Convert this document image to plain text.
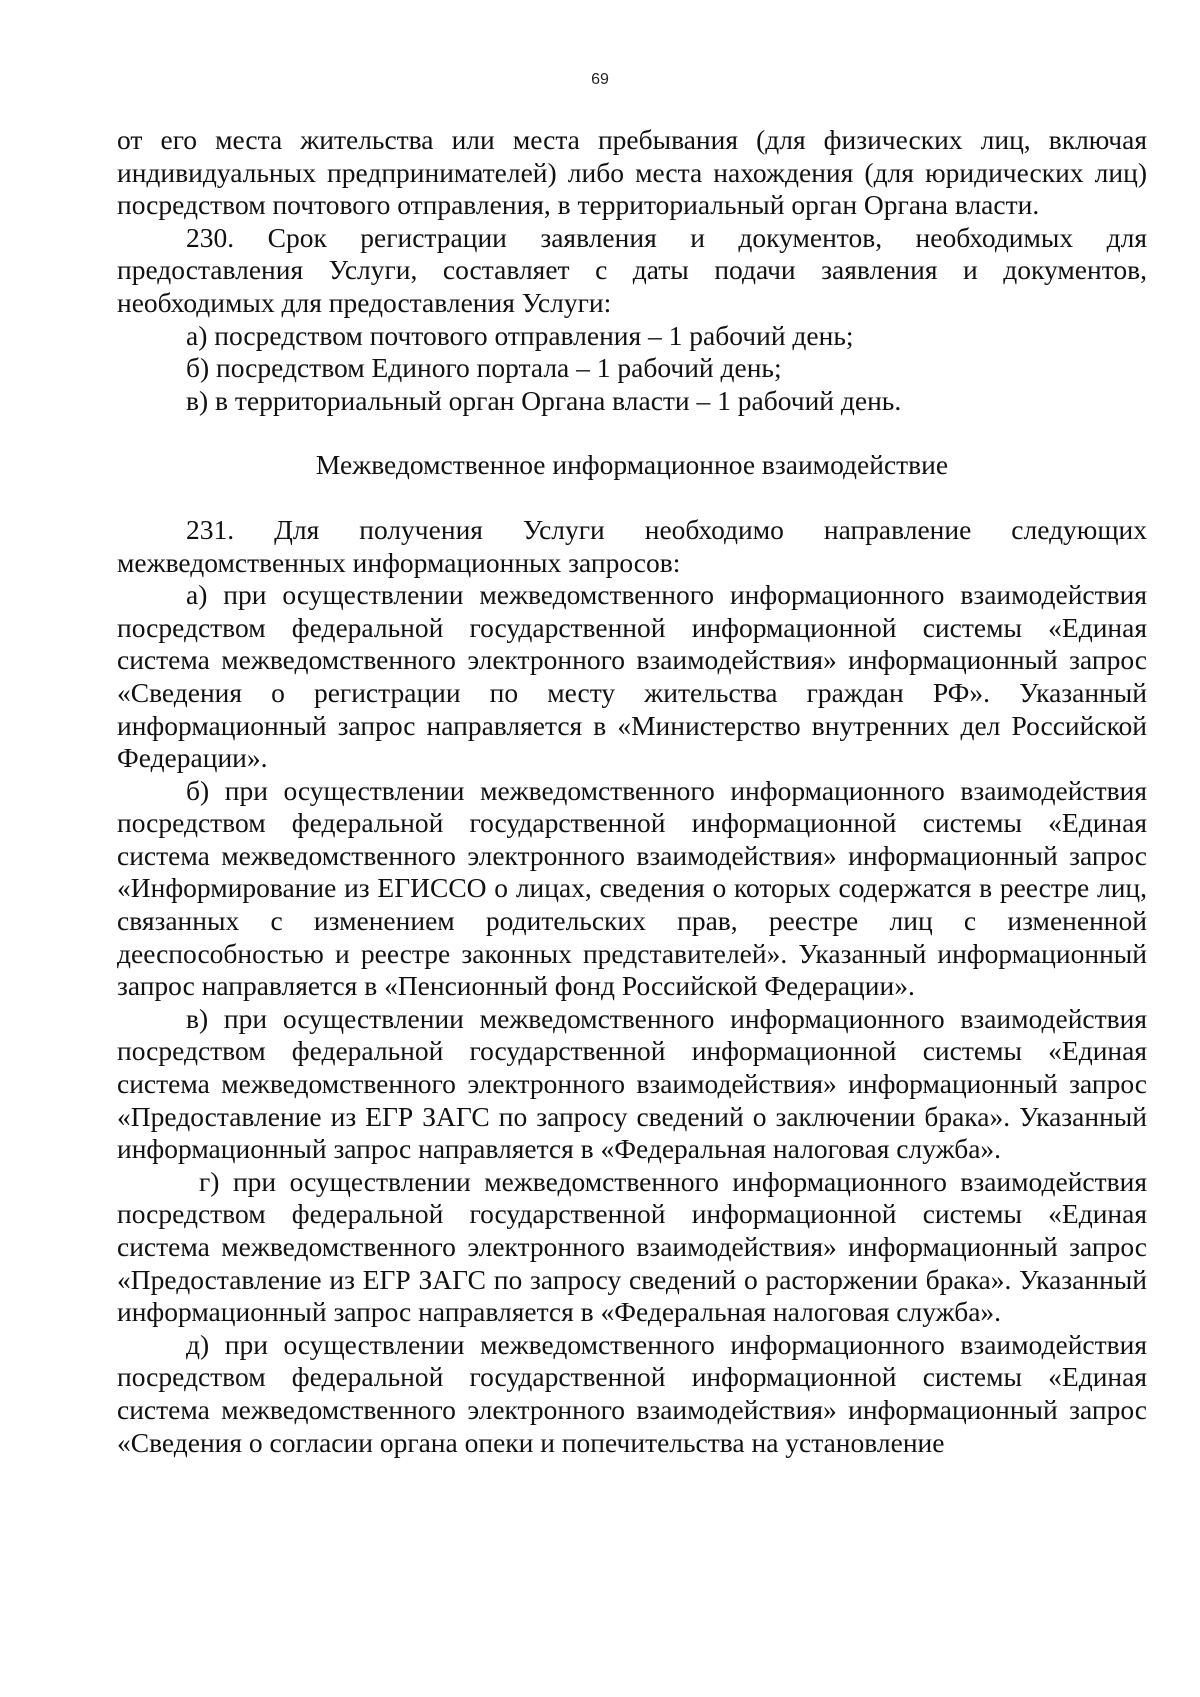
69

от его места жительства или места пребывания (для физических лиц, включая индивидуальных предпринимателей) либо места нахождения (для юридических лиц) посредством почтового отправления, в территориальный орган Органа власти.

230. Срок регистрации заявления и документов, необходимых для предоставления Услуги, составляет с даты подачи заявления и документов, необходимых для предоставления Услуги:

а) посредством почтового отправления – 1 рабочий день;

б) посредством Единого портала – 1 рабочий день;

в) в территориальный орган Органа власти – 1 рабочий день.

Межведомственное информационное взаимодействие

231. Для получения Услуги необходимо направление следующих межведомственных информационных запросов:

а) при осуществлении межведомственного информационного взаимодействия посредством федеральной государственной информационной системы «Единая система межведомственного электронного взаимодействия» информационный запрос «Сведения о регистрации по месту жительства граждан РФ». Указанный информационный запрос направляется в «Министерство внутренних дел Российской Федерации».

б) при осуществлении межведомственного информационного взаимодействия посредством федеральной государственной информационной системы «Единая система межведомственного электронного взаимодействия» информационный запрос «Информирование из ЕГИССО о лицах, сведения о которых содержатся в реестре лиц, связанных с изменением родительских прав, реестре лиц с измененной дееспособностью и реестре законных представителей». Указанный информационный запрос направляется в «Пенсионный фонд Российской Федерации».

в) при осуществлении межведомственного информационного взаимодействия посредством федеральной государственной информационной системы «Единая система межведомственного электронного взаимодействия» информационный запрос «Предоставление из ЕГР ЗАГС по запросу сведений о заключении брака». Указанный информационный запрос направляется в «Федеральная налоговая служба».

г) при осуществлении межведомственного информационного взаимодействия посредством федеральной государственной информационной системы «Единая система межведомственного электронного взаимодействия» информационный запрос «Предоставление из ЕГР ЗАГС по запросу сведений о расторжении брака». Указанный информационный запрос направляется в «Федеральная налоговая служба».

д) при осуществлении межведомственного информационного взаимодействия посредством федеральной государственной информационной системы «Единая система межведомственного электронного взаимодействия» информационный запрос «Сведения о согласии органа опеки и попечительства на установление
